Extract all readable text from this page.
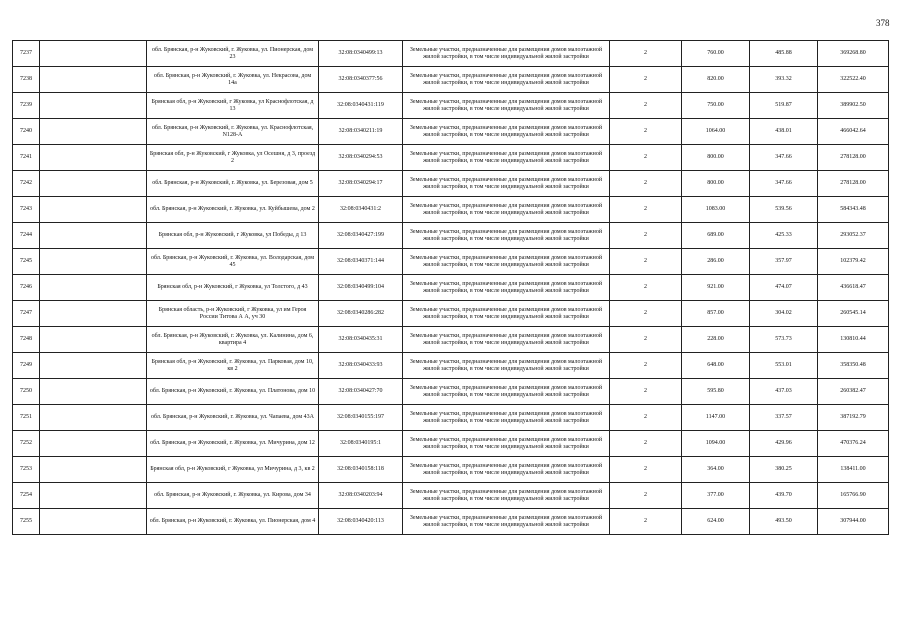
378
7237		обл. Брянская, р-н Жуковский, г. Жуковка, ул. Пионерская, дом 23	32:08:0340499:13	Земельные участки, предназначенные для размещения домов малоэтажной жилой застройки, в том числе индивидуальной жилой застройки	2	760.00	485.88	369268.80
7238		обл. Брянская, р-н Жуковский, г. Жуковка, ул. Некрасова, дом 14а	32:08:0340377:56	Земельные участки, предназначенные для размещения домов малоэтажной жилой застройки, в том числе индивидуальной жилой застройки	2	820.00	393.32	322522.40
7239		Брянская обл, р-н Жуковский, г Жуковка, ул Краснофлотская, д 13	32:08:0340431:119	Земельные участки, предназначенные для размещения домов малоэтажной жилой застройки, в том числе индивидуальной жилой застройки	2	750.00	519.87	389902.50
7240		обл. Брянская, р-н Жуковский, г. Жуковка, ул. Краснофлотская, N128-А	32:08:0340211:19	Земельные участки, предназначенные для размещения домов малоэтажной жилой застройки, в том числе индивидуальной жилой застройки	2	1064.00	438.01	466042.64
7241		Брянская обл, р-н Жуковский, г Жуковка, ул Осешня, д 3, проезд 2	32:08:0340294:53	Земельные участки, предназначенные для размещения домов малоэтажной жилой застройки, в том числе индивидуальной жилой застройки	2	800.00	347.66	278128.00
7242		обл. Брянская, р-н Жуковский, г. Жуковка, ул. Березовая, дом 5	32:08:0340294:17	Земельные участки, предназначенные для размещения домов малоэтажной жилой застройки, в том числе индивидуальной жилой застройки	2	800.00	347.66	278128.00
7243		обл. Брянская, р-н Жуковский, г. Жуковка, ул. Куйбышева, дом 2	32:08:0340431:2	Земельные участки, предназначенные для размещения домов малоэтажной жилой застройки, в том числе индивидуальной жилой застройки	2	1083.00	539.56	584343.48
7244		Брянская обл, р-н Жуковский, г Жуковка, ул Победы, д 13	32:08:0340427:199	Земельные участки, предназначенные для размещения домов малоэтажной жилой застройки, в том числе индивидуальной жилой застройки	2	689.00	425.33	293052.37
7245		обл. Брянская, р-н Жуковский, г. Жуковка, ул. Володарская, дом 45	32:08:0340371:144	Земельные участки, предназначенные для размещения домов малоэтажной жилой застройки, в том числе индивидуальной жилой застройки	2	286.00	357.97	102379.42
7246		Брянская обл, р-н Жуковский, г Жуковка, ул Толстого, д 43	32:08:0340499:104	Земельные участки, предназначенные для размещения домов малоэтажной жилой застройки, в том числе индивидуальной жилой застройки	2	921.00	474.07	436618.47
7247		Брянская область, р-н Жуковский, г Жуковка, ул им Героя России Титова А А, уч 30	32:08:0340286:282	Земельные участки, предназначенные для размещения домов малоэтажной жилой застройки, в том числе индивидуальной жилой застройки	2	857.00	304.02	260545.14
7248		обл. Брянская, р-н Жуковский, г. Жуковка, ул. Калинина, дом 6, квартира 4	32:08:0340435:31	Земельные участки, предназначенные для размещения домов малоэтажной жилой застройки, в том числе индивидуальной жилой застройки	2	228.00	573.73	130810.44
7249		Брянская обл, р-н Жуковский, г. Жуковка, ул. Парковая, дом 10, кв 2	32:08:0340433:93	Земельные участки, предназначенные для размещения домов малоэтажной жилой застройки, в том числе индивидуальной жилой застройки	2	648.00	553.01	358350.48
7250		обл. Брянская, р-н Жуковский, г. Жуковка, ул. Платонова, дом 10	32:08:0340427:70	Земельные участки, предназначенные для размещения домов малоэтажной жилой застройки, в том числе индивидуальной жилой застройки	2	595.80	437.03	260382.47
7251		обл. Брянская, р-н Жуковский, г. Жуковка, ул. Чапаева, дом 43А	32:08:0340155:197	Земельные участки, предназначенные для размещения домов малоэтажной жилой застройки, в том числе индивидуальной жилой застройки	2	1147.00	337.57	387192.79
7252		обл. Брянская, р-н Жуковский, г. Жуковка, ул. Мичурина, дом 12	32:08:0340195:1	Земельные участки, предназначенные для размещения домов малоэтажной жилой застройки, в том числе индивидуальной жилой застройки	2	1094.00	429.96	470376.24
7253		Брянская обл, р-н Жуковский, г Жуковка, ул Мичурина, д 3, кв 2	32:08:0340158:118	Земельные участки, предназначенные для размещения домов малоэтажной жилой застройки, в том числе индивидуальной жилой застройки	2	364.00	380.25	138411.00
7254		обл. Брянская, р-н Жуковский, г. Жуковка, ул. Кирова, дом 34	32:08:0340203:94	Земельные участки, предназначенные для размещения домов малоэтажной жилой застройки, в том числе индивидуальной жилой застройки	2	377.00	439.70	165766.90
7255		обл. Брянская, р-н Жуковский, г. Жуковка, ул. Пионерская, дом 4	32:08:0340420:113	Земельные участки, предназначенные для размещения домов малоэтажной жилой застройки, в том числе индивидуальной жилой застройки	2	624.00	493.50	307944.00
